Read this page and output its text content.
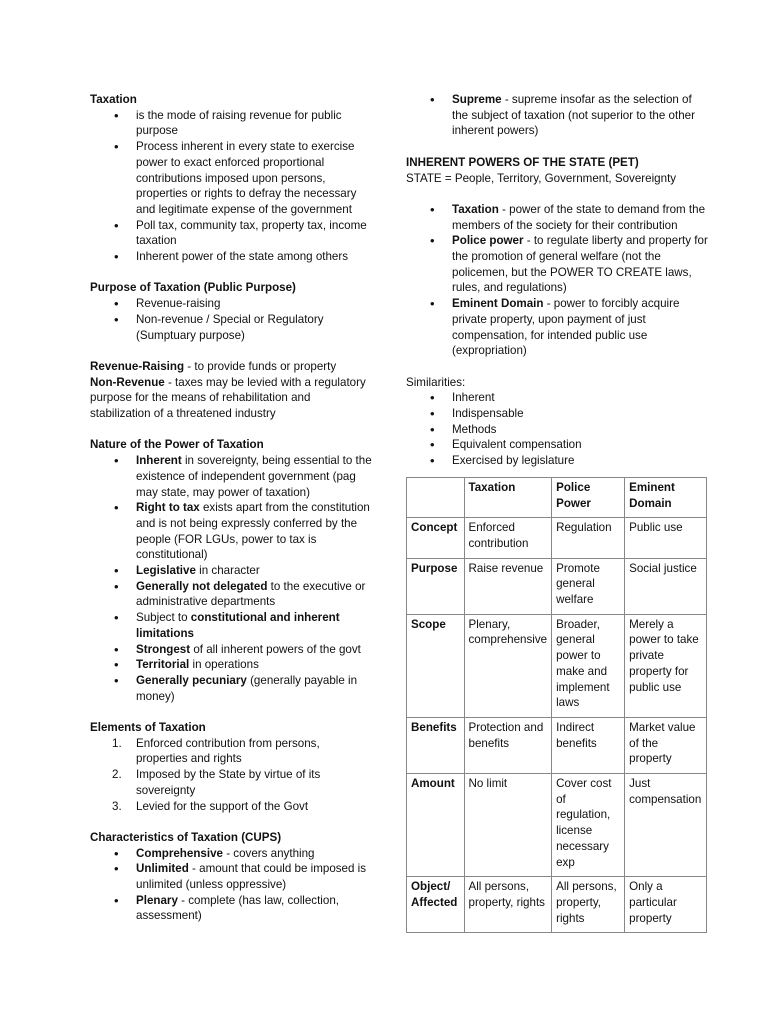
Taxation
• is the mode of raising revenue for public purpose
• Process inherent in every state to exercise power to exact enforced proportional contributions imposed upon persons, properties or rights to defray the necessary and legitimate expense of the government
• Poll tax, community tax, property tax, income taxation
• Inherent power of the state among others
Purpose of Taxation (Public Purpose)
• Revenue-raising
• Non-revenue / Special or Regulatory (Sumptuary purpose)
Revenue-Raising - to provide funds or property
Non-Revenue - taxes may be levied with a regulatory purpose for the means of rehabilitation and stabilization of a threatened industry
Nature of the Power of Taxation
• Inherent in sovereignty, being essential to the existence of independent government (pag may state, may power of taxation)
• Right to tax exists apart from the constitution and is not being expressly conferred by the people (FOR LGUs, power to tax is constitutional)
• Legislative in character
• Generally not delegated to the executive or administrative departments
• Subject to constitutional and inherent limitations
• Strongest of all inherent powers of the govt
• Territorial in operations
• Generally pecuniary (generally payable in money)
Elements of Taxation
Enforced contribution from persons, properties and rights
Imposed by the State by virtue of its sovereignty
Levied for the support of the Govt
Characteristics of Taxation (CUPS)
• Comprehensive - covers anything
• Unlimited - amount that could be imposed is unlimited (unless oppressive)
• Plenary - complete (has law, collection, assessment)
• Supreme - supreme insofar as the selection of the subject of taxation (not superior to the other inherent powers)
INHERENT POWERS OF THE STATE (PET)
STATE = People, Territory, Government, Sovereignty
• Taxation - power of the state to demand from the members of the society for their contribution
• Police power - to regulate liberty and property for the promotion of general welfare (not the policemen, but the POWER TO CREATE laws, rules, and regulations)
• Eminent Domain - power to forcibly acquire private property, upon payment of just compensation, for intended public use (expropriation)
Similarities:
• Inherent
• Indispensable
• Methods
• Equivalent compensation
• Exercised by legislature
	Taxation	Police Power	Eminent Domain
Concept	Enforced contribution	Regulation	Public use
Purpose	Raise revenue	Promote general welfare	Social justice
Scope	Plenary, comprehensive	Broader, general power to make and implement laws	Merely a power to take private property for public use
Benefits	Protection and benefits	Indirect benefits	Market value of the property
Amount	No limit	Cover cost of regulation, license necessary exp	Just compensation
Object/ Affected	All persons, property, rights	All persons, property, rights	Only a particular property
